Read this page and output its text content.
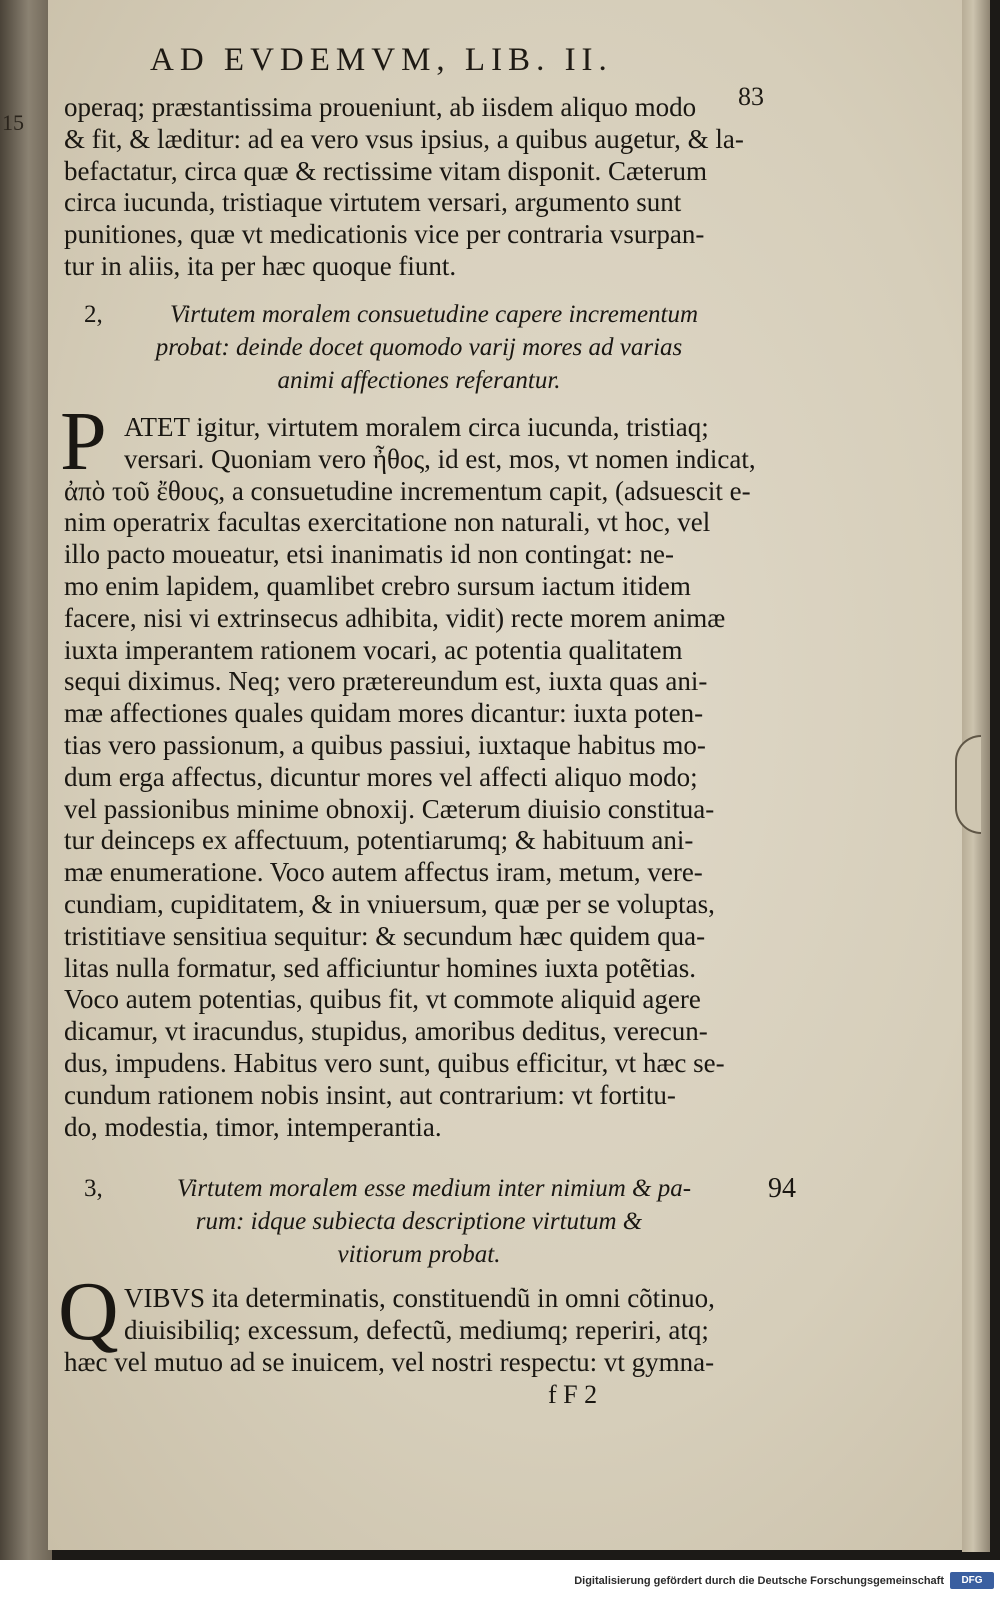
15
AD EVDEMVM, LIB. II.
83
operaq; præstantissima proueniunt, ab iisdem aliquo modo
& fit, & læditur: ad ea vero vsus ipsius, a quibus augetur, & la-
befactatur, circa quæ & rectissime vitam disponit. Cæterum
circa iucunda, tristiaque virtutem versari, argumento sunt
punitiones, quæ vt medicationis vice per contraria vsurpan-
tur in aliis, ita per hæc quoque fiunt.
2,	Virtutem moralem consuetudine capere incrementum
probat: deinde docet quomodo varij mores ad varias
animi affectiones referantur.
P ATET igitur, virtutem moralem circa iucunda, tristiaq;
versari. Quoniam vero ἦθος, id est, mos, vt nomen indicat,
ἀπὸ τοῦ ἔθους, a consuetudine incrementum capit, (adsuescit e-
nim operatrix facultas exercitatione non naturali, vt hoc, vel
illo pacto moueatur, etsi inanimatis id non contingat: ne-
mo enim lapidem, quamlibet crebro sursum iactum itidem
facere, nisi vi extrinsecus adhibita, vidit) recte morem animæ
iuxta imperantem rationem vocari, ac potentia qualitatem
sequi diximus. Neq; vero prætereundum est, iuxta quas ani-
mæ affectiones quales quidam mores dicantur: iuxta poten-
tias vero passionum, a quibus passiui, iuxtaque habitus mo-
dum erga affectus, dicuntur mores vel affecti aliquo modo;
vel passionibus minime obnoxij. Cæterum diuisio constitua-
tur deinceps ex affectuum, potentiarumq; & habituum ani-
mæ enumeratione. Voco autem affectus iram, metum, vere-
cundiam, cupiditatem, & in vniuersum, quæ per se voluptas,
tristitiave sensitiua sequitur: & secundum hæc quidem qua-
litas nulla formatur, sed afficiuntur homines iuxta potẽtias.
Voco autem potentias, quibus fit, vt commote aliquid agere
dicamur, vt iracundus, stupidus, amoribus deditus, verecun-
dus, impudens. Habitus vero sunt, quibus efficitur, vt hæc se-
cundum rationem nobis insint, aut contrarium: vt fortitu-
do, modestia, timor, intemperantia.
3,	Virtutem moralem esse medium inter nimium & pa-
rum: idque subiecta descriptione virtutum &
vitiorum probat.
94
Q VIBVS ita determinatis, constituendũ in omni cõtinuo,
diuisibiliq; excessum, defectũ, mediumq; reperiri, atq;
hæc vel mutuo ad se inuicem, vel nostri respectu: vt gymna-
f F 2
Digitalisierung gefördert durch die Deutsche Forschungsgemeinschaft	DFG
